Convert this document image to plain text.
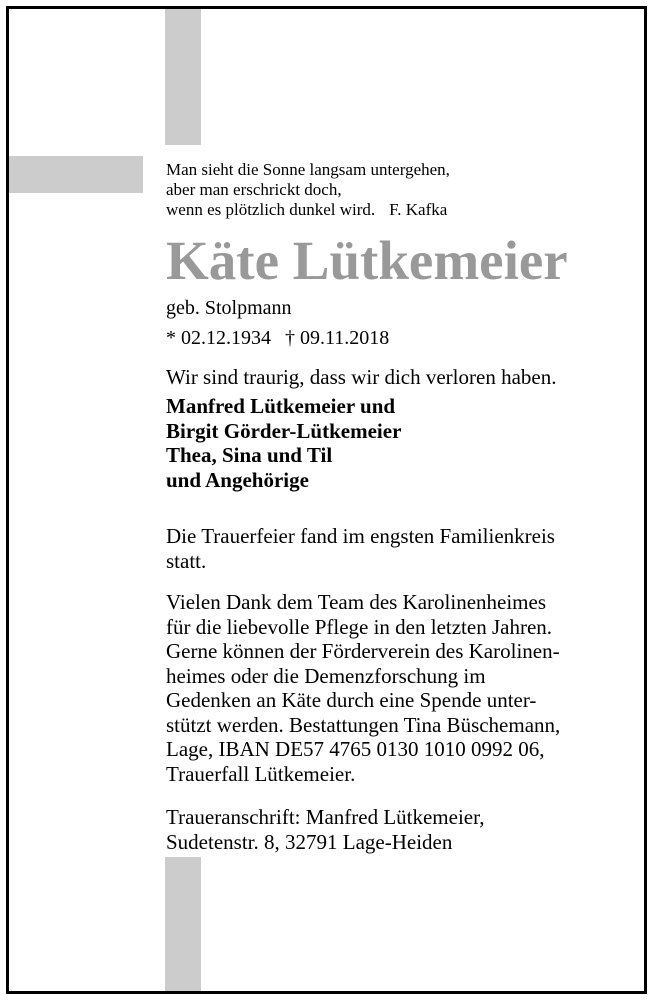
Man sieht die Sonne langsam untergehen,
aber man erschrickt doch,
wenn es plötzlich dunkel wird. F. Kafka
Käte Lütkemeier
geb. Stolpmann
* 02.12.1934 † 09.11.2018
Wir sind traurig, dass wir dich verloren haben.
Manfred Lütkemeier und
Birgit Görder-Lütkemeier
Thea, Sina und Til
und Angehörige
Die Trauerfeier fand im engsten Familienkreis
statt.
Vielen Dank dem Team des Karolinenheimes
für die liebevolle Pflege in den letzten Jahren.
Gerne können der Förderverein des Karolinen-
heimes oder die Demenzforschung im
Gedenken an Käte durch eine Spende unter-
stützt werden. Bestattungen Tina Büschemann,
Lage, IBAN DE57 4765 0130 1010 0992 06,
Trauerfall Lütkemeier.
Traueranschrift: Manfred Lütkemeier,
Sudetenstr. 8, 32791 Lage-Heiden
